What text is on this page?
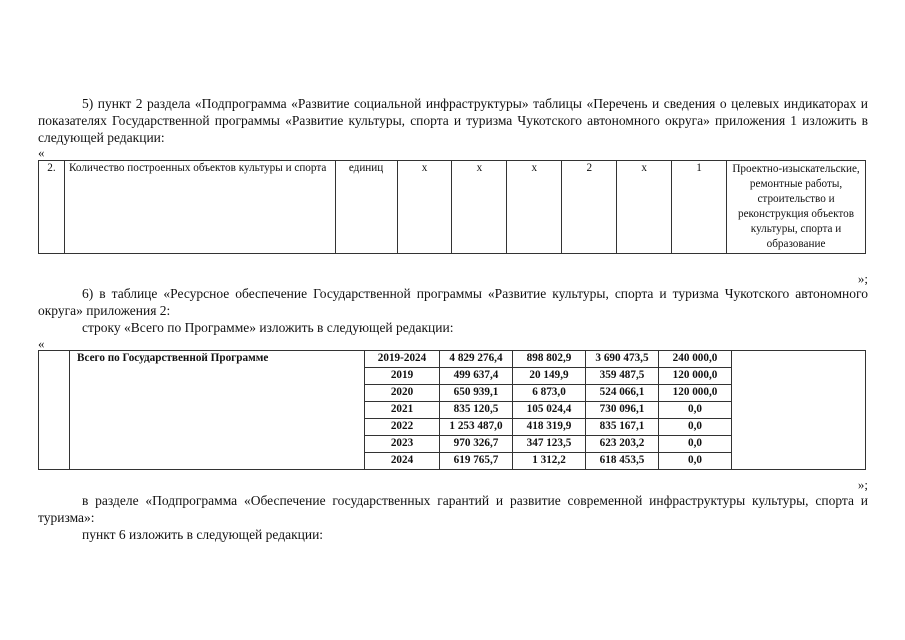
5) пункт 2 раздела «Подпрограмма «Развитие социальной инфраструктуры» таблицы «Перечень и сведения о целевых индикаторах и показателях Государственной программы «Развитие культуры, спорта и туризма Чукотского автономного округа» приложения 1 изложить в следующей редакции:

«
2.	Количество построенных объектов культуры и спорта	единиц	x	x	x	2	x	1	Проектно-изыскательские, ремонтные работы, строительство и реконструкция объектов культуры, спорта и образование
»;

6) в таблице «Ресурсное обеспечение Государственной программы «Развитие культуры, спорта и туризма Чукотского автономного округа» приложения 2:

строку «Всего по Программе» изложить в следующей редакции:

«
	Всего по Государственной Программе	2019-2024	4 829 276,4	898 802,9	3 690 473,5	240 000,0	
		2019	499 637,4	20 149,9	359 487,5	120 000,0	
		2020	650 939,1	6 873,0	524 066,1	120 000,0	
		2021	835 120,5	105 024,4	730 096,1	0,0	
		2022	1 253 487,0	418 319,9	835 167,1	0,0	
		2023	970 326,7	347 123,5	623 203,2	0,0	
		2024	619 765,7	1 312,2	618 453,5	0,0	
»;

в разделе «Подпрограмма «Обеспечение государственных гарантий и развитие современной инфраструктуры культуры, спорта и туризма»:

пункт 6 изложить в следующей редакции:
